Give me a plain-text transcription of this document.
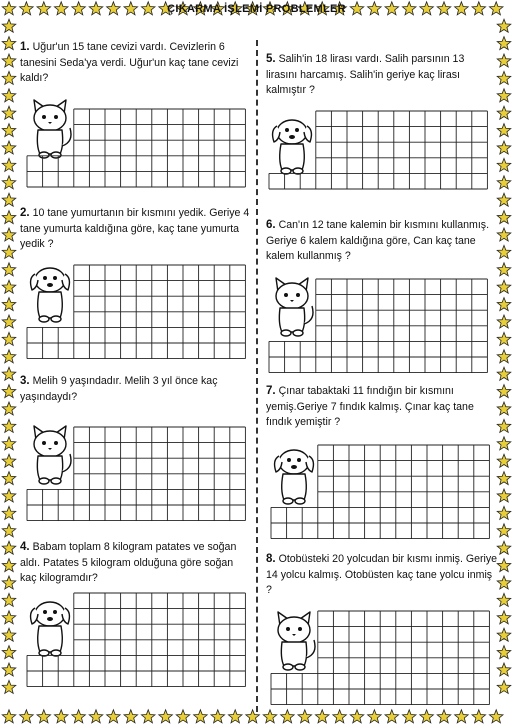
ÇIKARMA İŞLEMİ PROBLEMLER
1. Uğur'un 15 tane cevizi vardı. Cevizlerin 6 tanesini Seda'ya verdi. Uğur'un kaç tane cevizi kaldı?
2. 10 tane yumurtanın bir kısmını yedik. Geriye 4 tane yumurta kaldığına göre, kaç tane yumurta yedik ?
3. Melih 9 yaşındadır. Melih 3 yıl önce kaç yaşındaydı?
4. Babam toplam 8 kilogram patates ve soğan aldı. Patates 5 kilogram olduğuna göre soğan kaç kilogramdır?
5. Salih'in 18 lirası vardı. Salih parsının 13 lirasını harcamış. Salih'in geriye kaç lirası kalmıştır ?
6. Can'ın 12 tane kalemin bir kısmını kullanmış. Geriye 6 kalem kaldığına göre, Can kaç tane kalem kullanmış ?
7. Çınar tabaktaki 11 fındığın bir kısmını yemiş.Geriye 7 fındık kalmış. Çınar kaç tane fındık yemiştir ?
8. Otobüsteki 20 yolcudan bir kısmı inmiş. Geriye 14 yolcu kalmış. Otobüsten kaç tane yolcu inmiş ?
